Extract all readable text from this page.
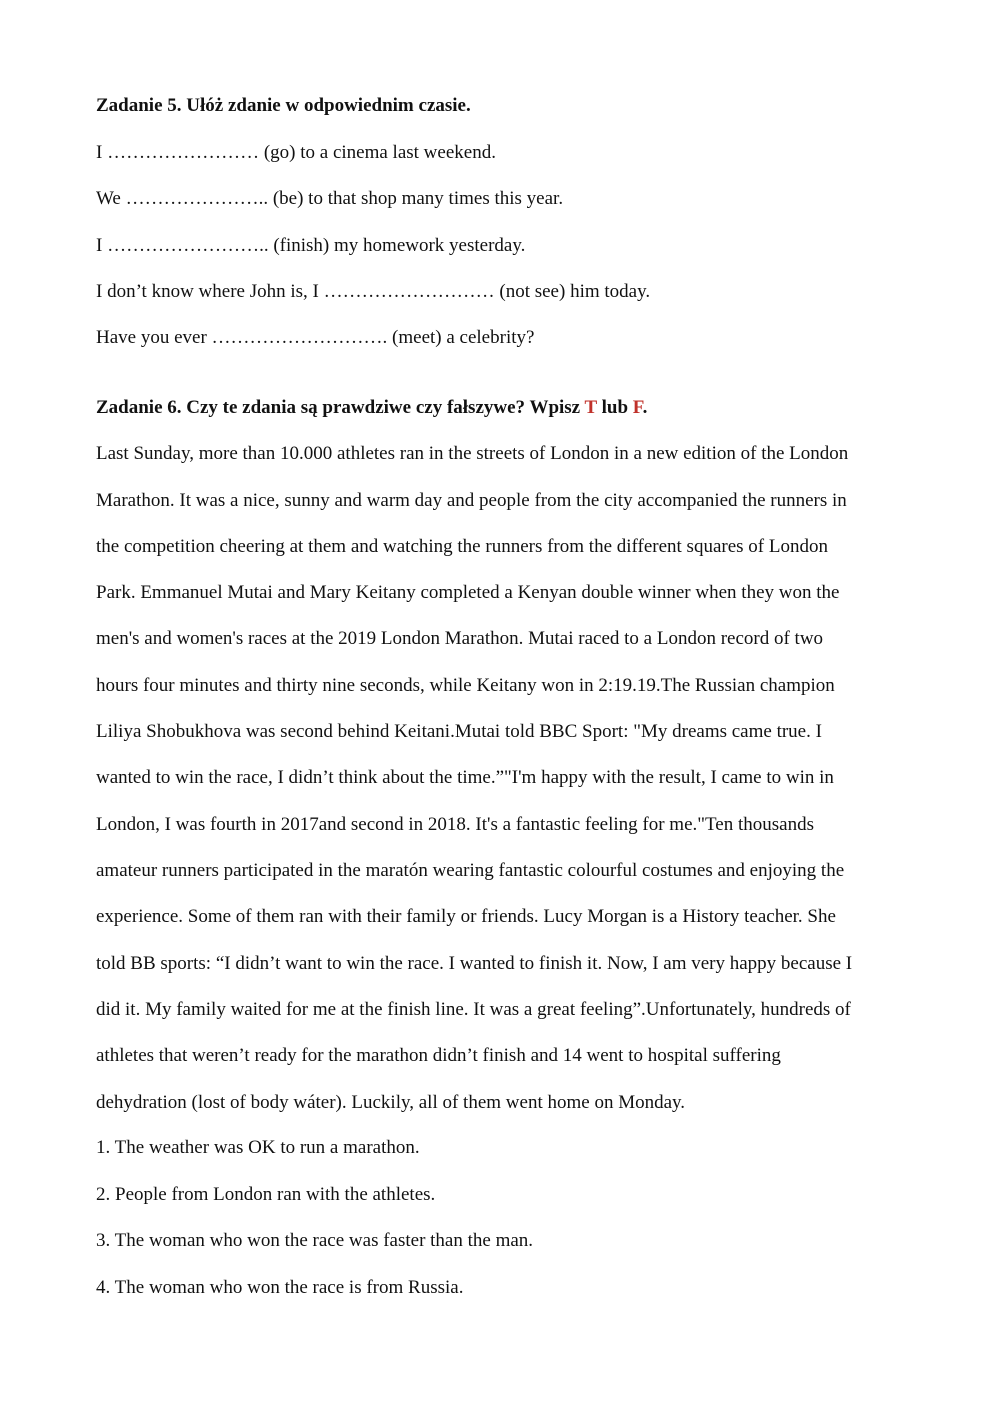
Zadanie 5. Ułóż zdanie w odpowiednim czasie.
I …………………… (go) to a cinema last weekend.
We ………………….. (be) to that shop many times this year.
I …………………….. (finish) my homework yesterday.
I don’t know where John is, I ……………………… (not see) him today.
Have you ever ………………………. (meet) a celebrity?
Zadanie 6. Czy te zdania są prawdziwe czy fałszywe? Wpisz T lub F.
Last Sunday, more than 10.000 athletes ran in the streets of London in a new edition of the London
Marathon. It was a nice, sunny and warm day and people from the city accompanied the runners in
the competition cheering at them and watching the runners from the different squares of London
Park. Emmanuel Mutai and Mary Keitany completed a Kenyan double winner when they won the
men's and women's races at the 2019 London Marathon. Mutai raced to a London record of two
hours four minutes and thirty nine seconds, while Keitany won in 2:19.19.The Russian champion
Liliya Shobukhova was second behind Keitani.Mutai told BBC Sport: "My dreams came true. I
wanted to win the race, I didn’t think about the time.”"I'm happy with the result, I came to win in
London, I was fourth in 2017and second in 2018. It's a fantastic feeling for me."Ten thousands
amateur runners participated in the maratón wearing fantastic colourful costumes and enjoying the
experience. Some of them ran with their family or friends. Lucy Morgan is a History teacher. She
told BB sports: “I didn’t want to win the race. I wanted to finish it. Now, I am very happy because I
did it. My family waited for me at the finish line. It was a great feeling”.Unfortunately, hundreds of
athletes that weren’t ready for the marathon didn’t finish and 14 went to hospital suffering
dehydration (lost of body wáter). Luckily, all of them went home on Monday.
1. The weather was OK to run a marathon.
2. People from London ran with the athletes.
3. The woman who won the race was faster than the man.
4. The woman who won the race is from Russia.
